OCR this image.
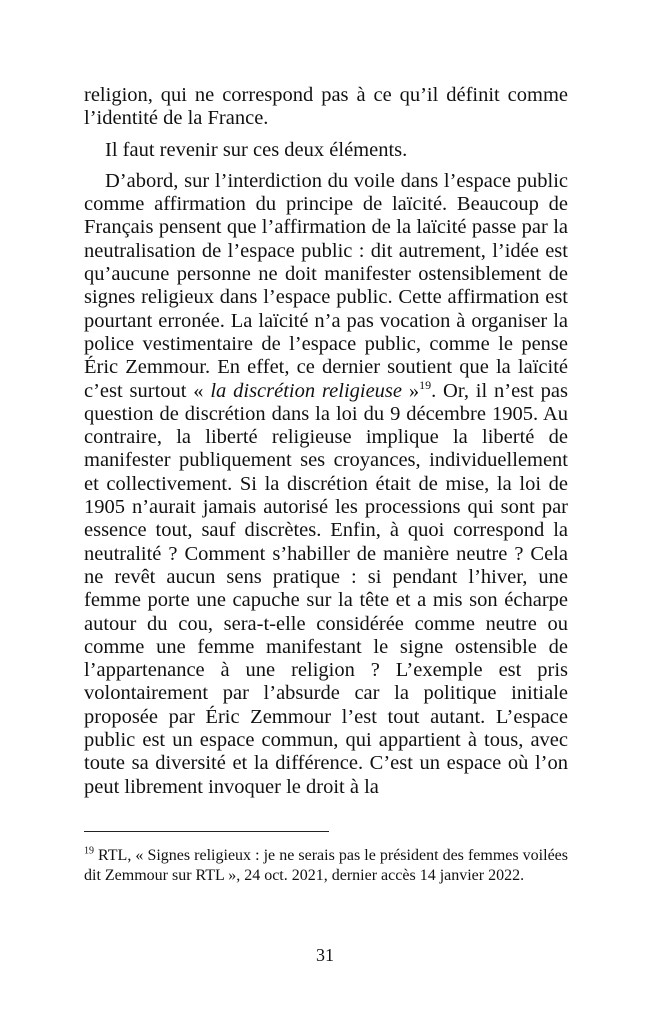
religion, qui ne correspond pas à ce qu’il définit comme l’identité de la France.

Il faut revenir sur ces deux éléments.

D’abord, sur l’interdiction du voile dans l’espace public comme affirmation du principe de laïcité. Beaucoup de Français pensent que l’affirmation de la laïcité passe par la neutralisation de l’espace public : dit autrement, l’idée est qu’aucune personne ne doit manifester ostensiblement de signes religieux dans l’espace public. Cette affirmation est pourtant erronée. La laïcité n’a pas vocation à organiser la police vestimentaire de l’espace public, comme le pense Éric Zemmour. En effet, ce dernier soutient que la laïcité c’est surtout « la discrétion religieuse »$^{19}$. Or, il n’est pas question de discrétion dans la loi du 9 décembre 1905. Au contraire, la liberté religieuse implique la liberté de manifester publiquement ses croyances, individuellement et collectivement. Si la discrétion était de mise, la loi de 1905 n’aurait jamais autorisé les processions qui sont par essence tout, sauf discrètes. Enfin, à quoi correspond la neutralité ? Comment s’habiller de manière neutre ? Cela ne revêt aucun sens pratique : si pendant l’hiver, une femme porte une capuche sur la tête et a mis son écharpe autour du cou, sera-t-elle considérée comme neutre ou comme une femme manifestant le signe ostensible de l’appartenance à une religion ? L’exemple est pris volontairement par l’absurde car la politique initiale proposée par Éric Zemmour l’est tout autant. L’espace public est un espace commun, qui appartient à tous, avec toute sa diversité et la différence. C’est un espace où l’on peut librement invoquer le droit à la

$^{19}$ RTL, « Signes religieux : je ne serais pas le président des femmes voilées dit Zemmour sur RTL », 24 oct. 2021, dernier accès 14 janvier 2022.

31
